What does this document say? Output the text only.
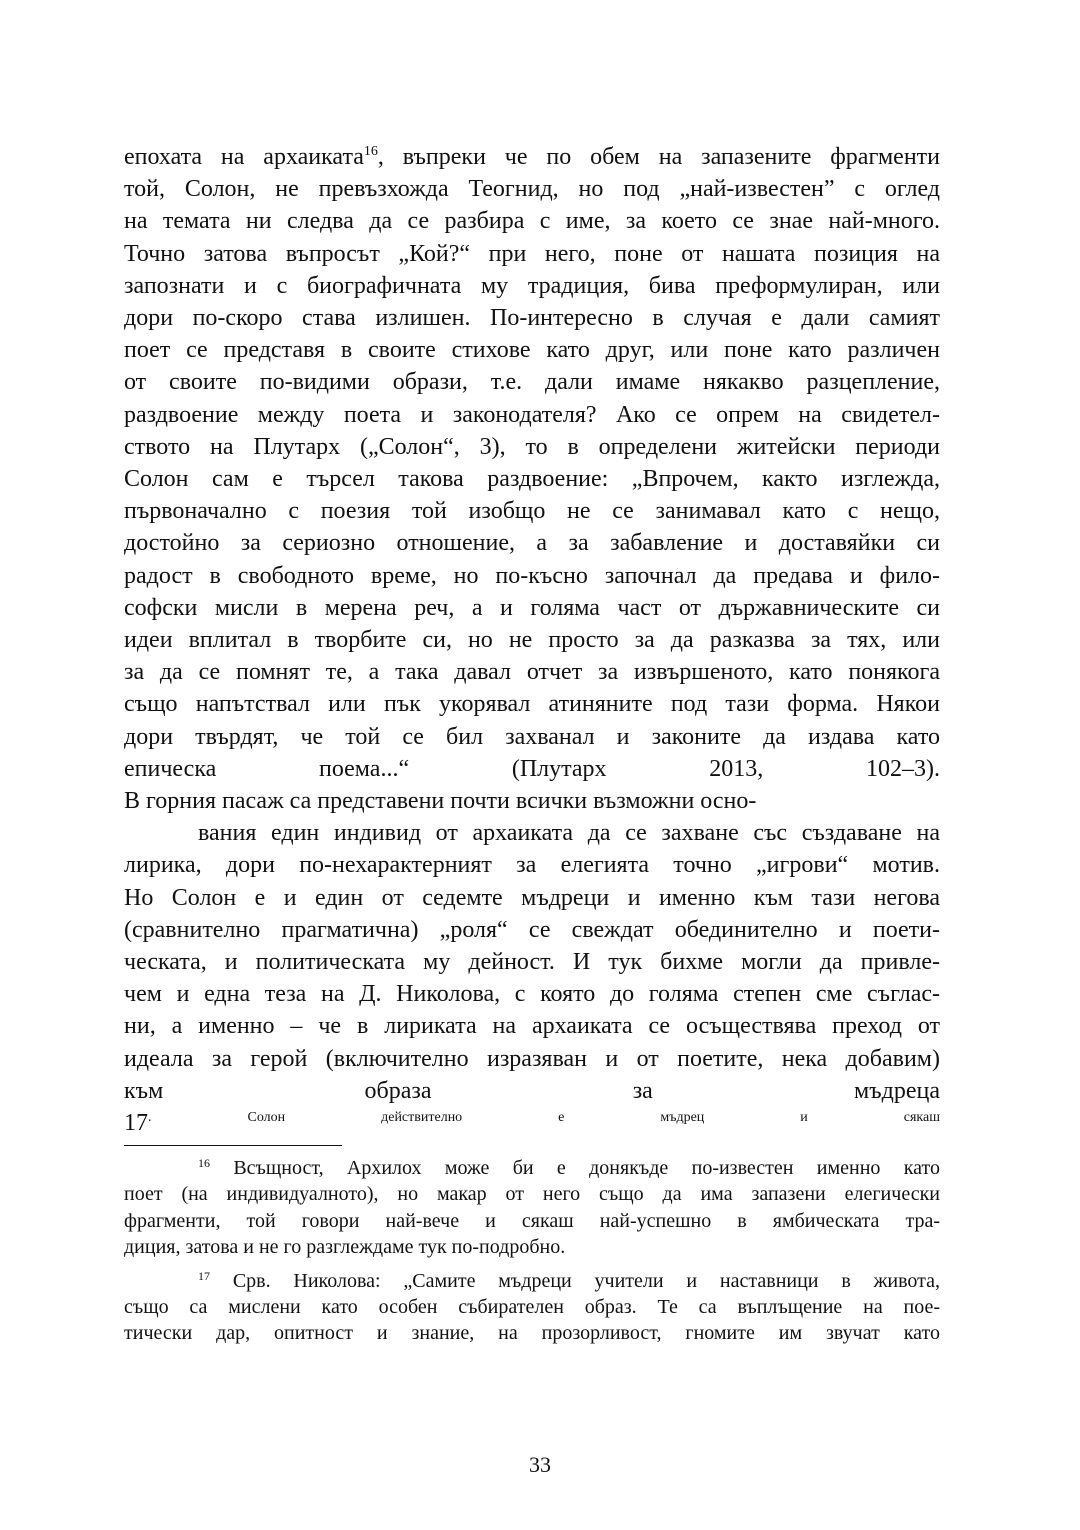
епохата на архаиката$^{16}$, въпреки че по обем на запазените фрагменти
той, Солон, не превъзхожда Теогнид, но под „най-известен” с оглед
на темата ни следва да се разбира с име, за което се знае най-много.
Точно затова въпросът „Кой?“ при него, поне от нашата позиция на
запознати и с биографичната му традиция, бива преформулиран, или
дори по-скоро става излишен. По-интересно в случая е дали самият
поет се представя в своите стихове като друг, или поне като различен
от своите по-видими образи, т.е. дали имаме някакво разцепление,
раздвоение между поета и законодателя? Ако се опрем на свидетел-
ството на Плутарх („Солон“, 3), то в определени житейски периоди
Солон сам е търсел такова раздвоение: „Впрочем, както изглежда,
първоначално с поезия той изобщо не се занимавал като с нещо,
достойно за сериозно отношение, а за забавление и доставяйки си
радост в свободното време, но по-късно започнал да предава и фило-
софски мисли в мерена реч, а и голяма част от държавническите си
идеи вплитал в творбите си, но не просто за да разказва за тях, или
за да се помнят те, а така давал отчет за извършеното, като понякога
също напътствал или пък укорявал атиняните под тази форма. Някои
дори твърдят, че той се бил захванал и законите да издава като
епическа поема...“ (Плутарх 2013, 102–3).
В горния пасаж са представени почти всички възможни осно-
вания един индивид от архаиката да се захване със създаване на
лирика, дори по-нехарактерният за елегията точно „игрови“ мотив.
Но Солон е и един от седемте мъдреци и именно към тази негова
(сравнително прагматична) „роля“ се свеждат обединително и поети-
ческата, и политическата му дейност. И тук бихме могли да привле-
чем и една теза на Д. Николова, с която до голяма степен сме съглас-
ни, а именно – че в лириката на архаиката се осъществява преход от
идеала за герой (включително изразяван и от поетите, нека добавим)
към образа за мъдреца
$17^{. Солон действително е мъдрец и сякаш}$
$^{16}$ Всъщност, Архилох може би е донякъде по-известен именно като
поет (на индивидуалното), но макар от него също да има запазени елегически
фрагменти, той говори най-вече и сякаш най-успешно в ямбическата тра-
диция, затова и не го разглеждаме тук по-подробно.
$^{17}$ Срв. Николова: „Самите мъдреци учители и наставници в живота,
също са мислени като особен събирателен образ. Те са въплъщение на пое-
тически дар, опитност и знание, на прозорливост, гномите им звучат като
33
